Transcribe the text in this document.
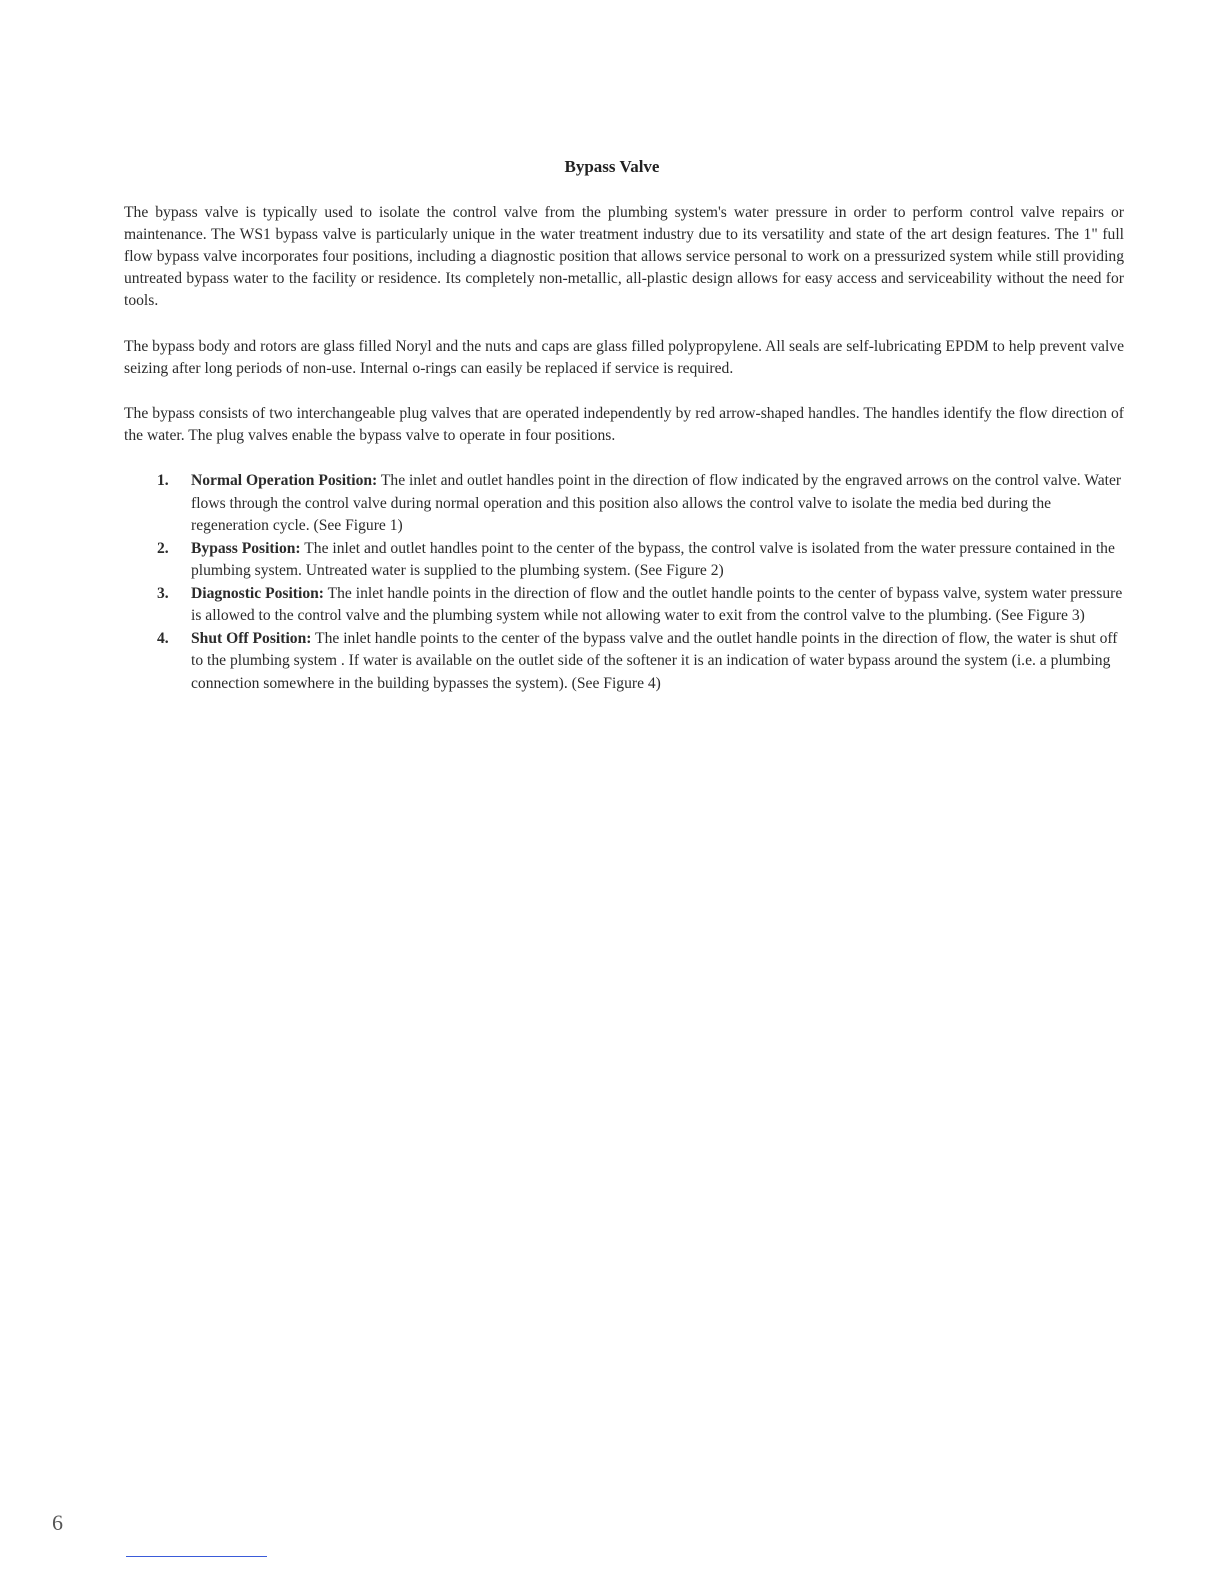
Bypass Valve

The bypass valve is typically used to isolate the control valve from the plumbing system's water pressure in order to perform control valve repairs or maintenance. The WS1 bypass valve is particularly unique in the water treatment industry due to its versatility and state of the art design features. The 1" full flow bypass valve incorporates four positions, including a diagnostic position that allows service personal to work on a pressurized system while still providing untreated bypass water to the facility or residence. Its completely non-metallic, all-plastic design allows for easy access and serviceability without the need for tools.

The bypass body and rotors are glass filled Noryl and the nuts and caps are glass filled polypropylene. All seals are self-lubricating EPDM to help prevent valve seizing after long periods of non-use. Internal o-rings can easily be replaced if service is required.

The bypass consists of two interchangeable plug valves that are operated independently by red arrow-shaped handles. The handles identify the flow direction of the water. The plug valves enable the bypass valve to operate in four positions.

1. Normal Operation Position: The inlet and outlet handles point in the direction of flow indicated by the engraved arrows on the control valve. Water flows through the control valve during normal operation and this position also allows the control valve to isolate the media bed during the regeneration cycle. (See Figure 1)
2. Bypass Position: The inlet and outlet handles point to the center of the bypass, the control valve is isolated from the water pressure contained in the plumbing system. Untreated water is supplied to the plumbing system. (See Figure 2)
3. Diagnostic Position: The inlet handle points in the direction of flow and the outlet handle points to the center of bypass valve, system water pressure is allowed to the control valve and the plumbing system while not allowing water to exit from the control valve to the plumbing. (See Figure 3)
4. Shut Off Position: The inlet handle points to the center of the bypass valve and the outlet handle points in the direction of flow, the water is shut off to the plumbing system . If water is available on the outlet side of the softener it is an indication of water bypass around the system (i.e. a plumbing connection somewhere in the building bypasses the system). (See Figure 4)
6
